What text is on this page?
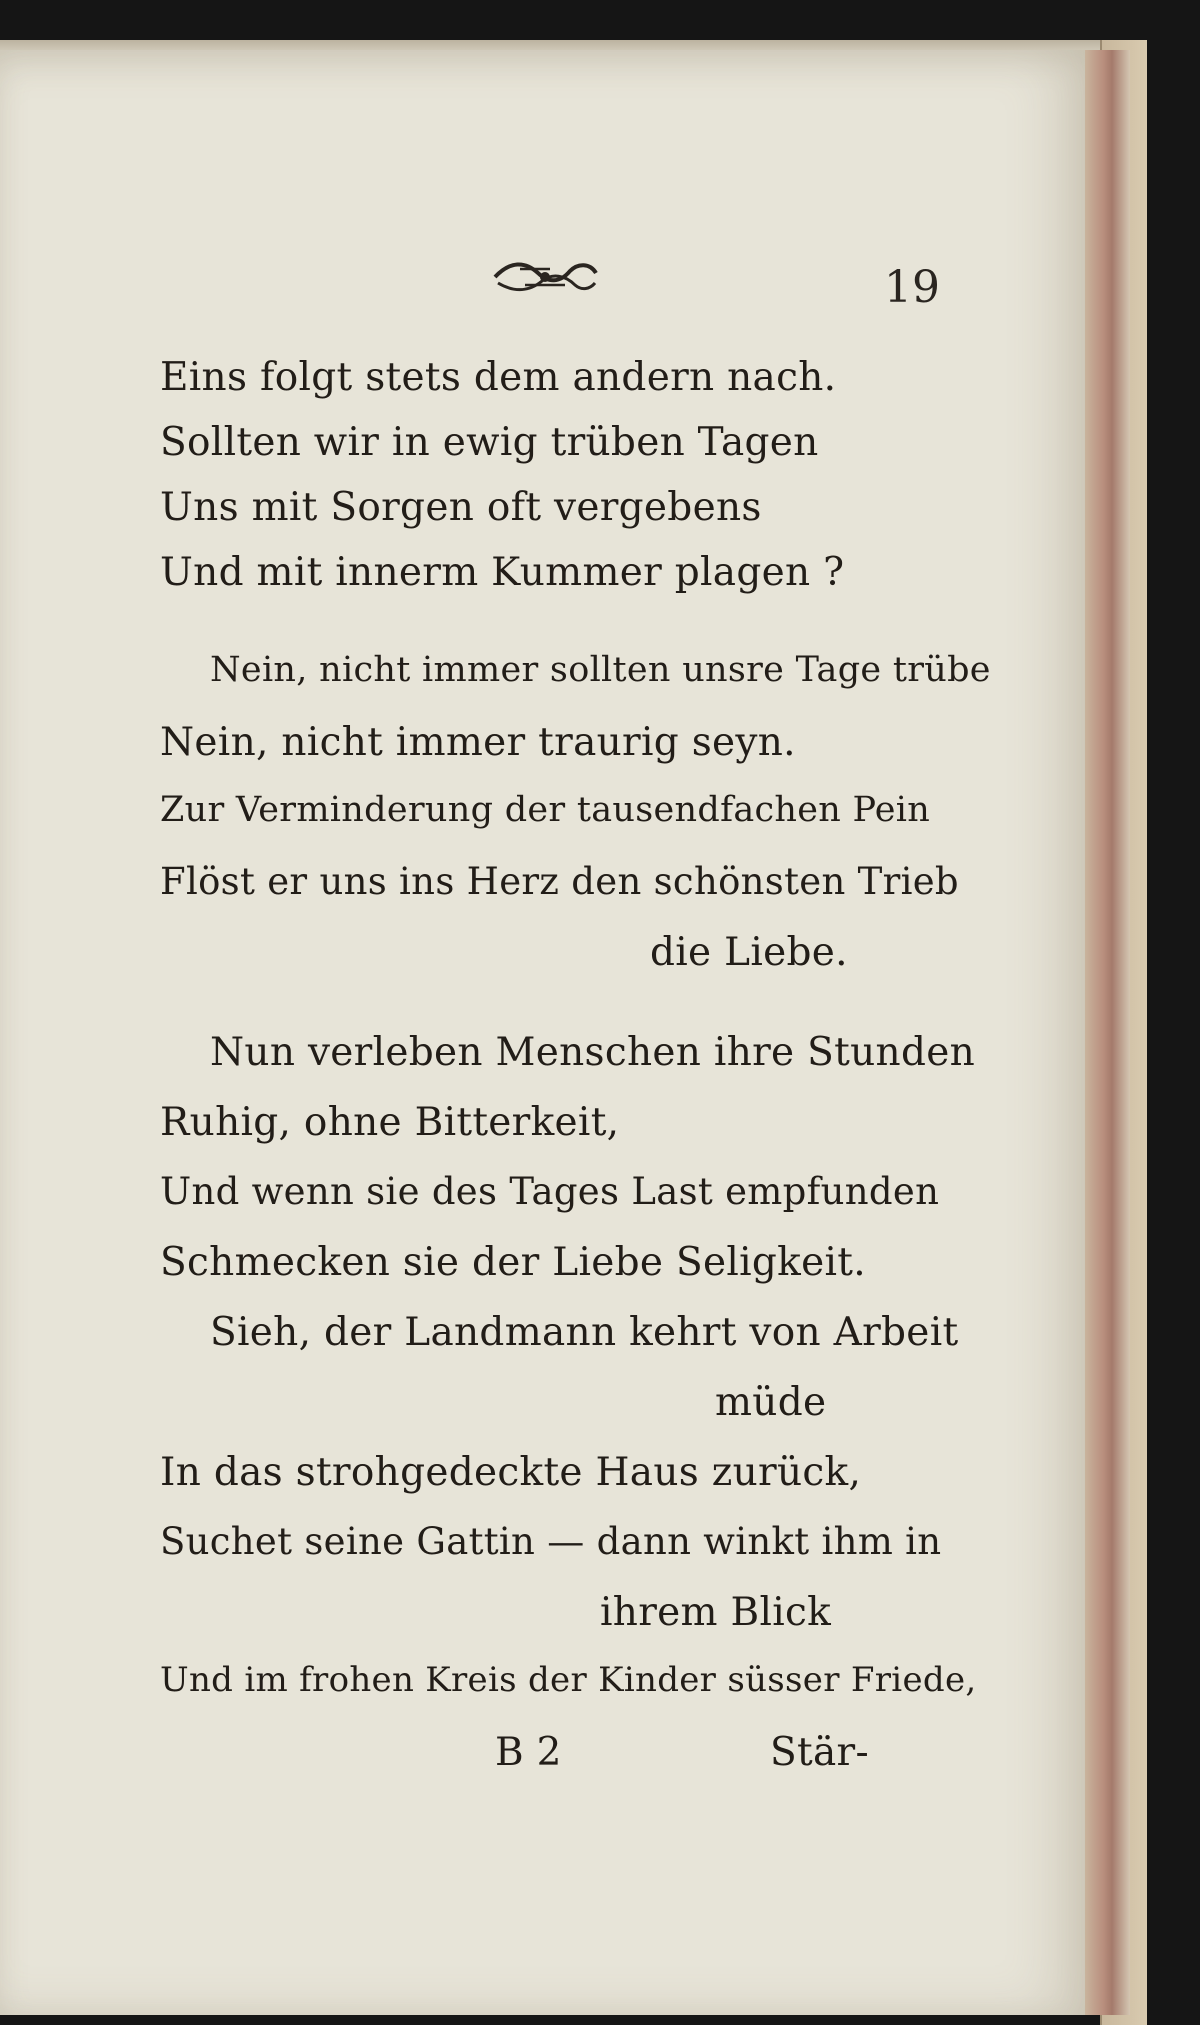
19
Eins folgt stets dem andern nach.
Sollten wir in ewig trüben Tagen
Uns mit Sorgen oft vergebens
Und mit innerm Kummer plagen ?
Nein, nicht immer sollten unsre Tage trübe
Nein, nicht immer traurig seyn.
Zur Verminderung der tausendfachen Pein
Flöst er uns ins Herz den schönsten Trieb
die Liebe.
Nun verleben Menschen ihre Stunden
Ruhig, ohne Bitterkeit,
Und wenn sie des Tages Last empfunden
Schmecken sie der Liebe Seligkeit.
Sieh, der Landmann kehrt von Arbeit
müde
In das strohgedeckte Haus zurück,
Suchet seine Gattin — dann winkt ihm in
ihrem Blick
Und im frohen Kreis der Kinder süsser Friede,
B 2	Stär-
